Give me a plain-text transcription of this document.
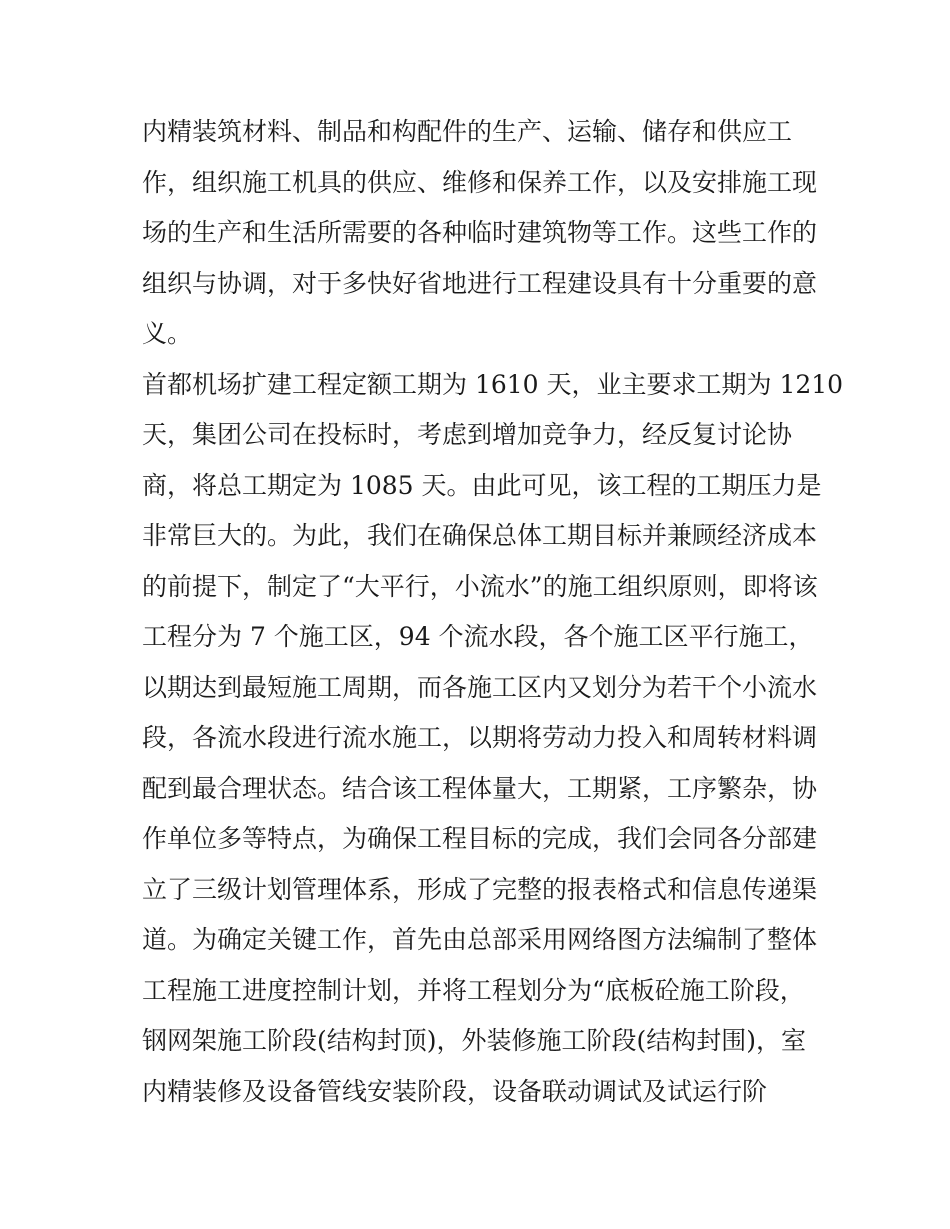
内精装筑材料、制品和构配件的生产、运输、储存和供应工
作，组织施工机具的供应、维修和保养工作，以及安排施工现
场的生产和生活所需要的各种临时建筑物等工作。这些工作的
组织与协调，对于多快好省地进行工程建设具有十分重要的意
义。
首都机场扩建工程定额工期为 1610 天，业主要求工期为 1210
天，集团公司在投标时，考虑到增加竞争力，经反复讨论协
商，将总工期定为 1085 天。由此可见，该工程的工期压力是
非常巨大的。为此，我们在确保总体工期目标并兼顾经济成本
的前提下，制定了“大平行，小流水”的施工组织原则，即将该
工程分为 7 个施工区，94 个流水段，各个施工区平行施工，
以期达到最短施工周期，而各施工区内又划分为若干个小流水
段，各流水段进行流水施工，以期将劳动力投入和周转材料调
配到最合理状态。结合该工程体量大，工期紧，工序繁杂，协
作单位多等特点，为确保工程目标的完成，我们会同各分部建
立了三级计划管理体系，形成了完整的报表格式和信息传递渠
道。为确定关键工作，首先由总部采用网络图方法编制了整体
工程施工进度控制计划，并将工程划分为“底板砼施工阶段，
钢网架施工阶段(结构封顶)，外装修施工阶段(结构封围)，室
内精装修及设备管线安装阶段，设备联动调试及试运行阶
